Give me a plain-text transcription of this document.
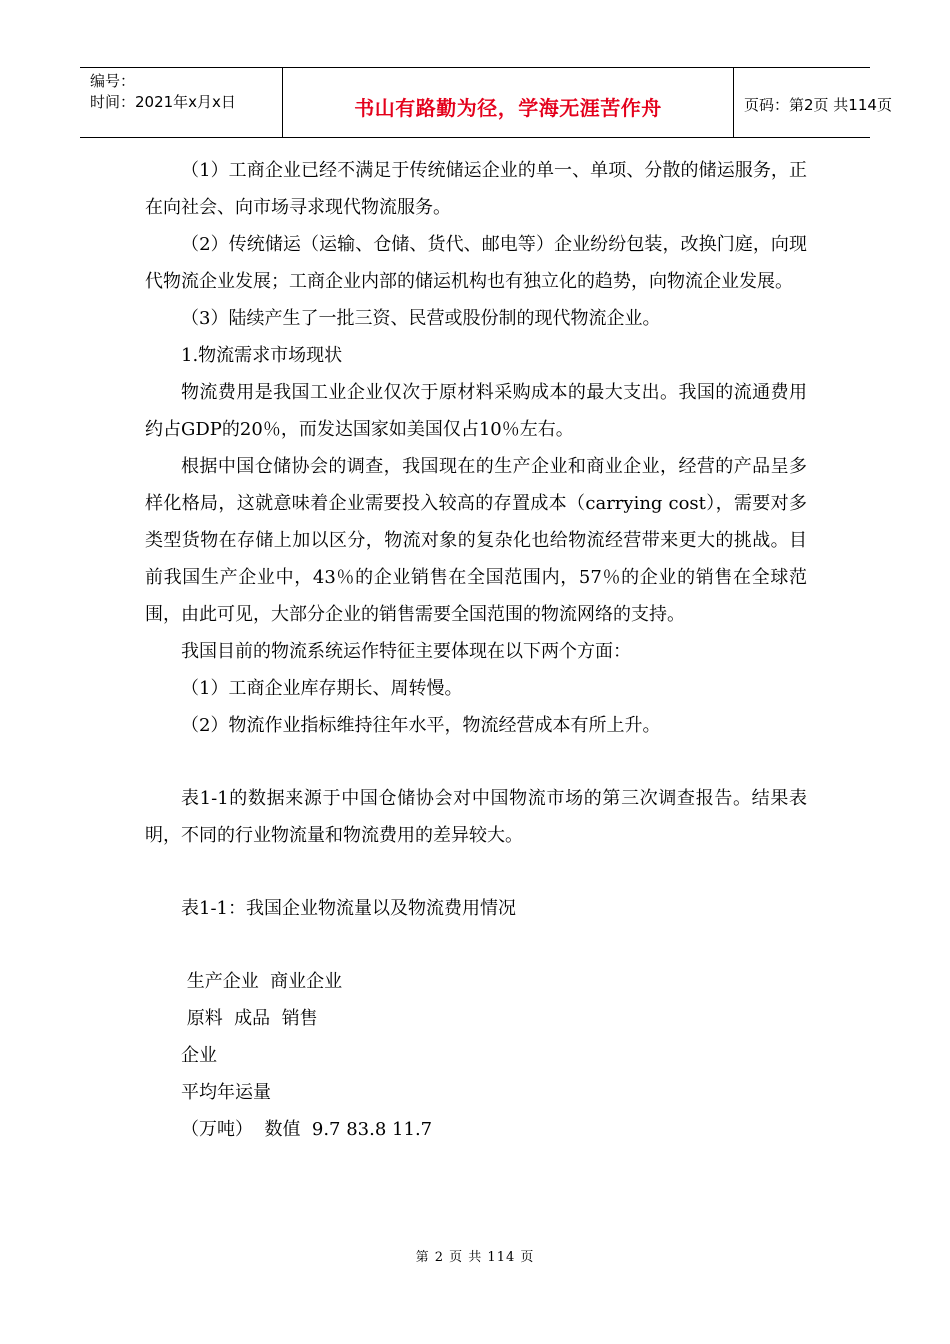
编号：
时间：2021年x月x日	书山有路勤为径，学海无涯苦作舟	页码：第2页 共114页

（1）工商企业已经不满足于传统储运企业的单一、单项、分散的储运服务，正在向社会、向市场寻求现代物流服务。

（2）传统储运（运输、仓储、货代、邮电等）企业纷纷包装，改换门庭，向现代物流企业发展；工商企业内部的储运机构也有独立化的趋势，向物流企业发展。

（3）陆续产生了一批三资、民营或股份制的现代物流企业。

1.物流需求市场现状

物流费用是我国工业企业仅次于原材料采购成本的最大支出。我国的流通费用约占GDP的20％，而发达国家如美国仅占10％左右。

根据中国仓储协会的调查，我国现在的生产企业和商业企业，经营的产品呈多样化格局，这就意味着企业需要投入较高的存置成本（carrying cost），需要对多类型货物在存储上加以区分，物流对象的复杂化也给物流经营带来更大的挑战。目前我国生产企业中，43％的企业销售在全国范围内，57％的企业的销售在全球范围，由此可见，大部分企业的销售需要全国范围的物流网络的支持。

我国目前的物流系统运作特征主要体现在以下两个方面：

（1）工商企业库存期长、周转慢。

（2）物流作业指标维持往年水平，物流经营成本有所上升。

表1-1的数据来源于中国仓储协会对中国物流市场的第三次调查报告。结果表明，不同的行业物流量和物流费用的差异较大。

表1-1：我国企业物流量以及物流费用情况

生产企业  商业企业

原料  成品  销售

企业

平均年运量

（万吨）  数值  9.7 83.8 11.7

第 2 页 共 114 页
